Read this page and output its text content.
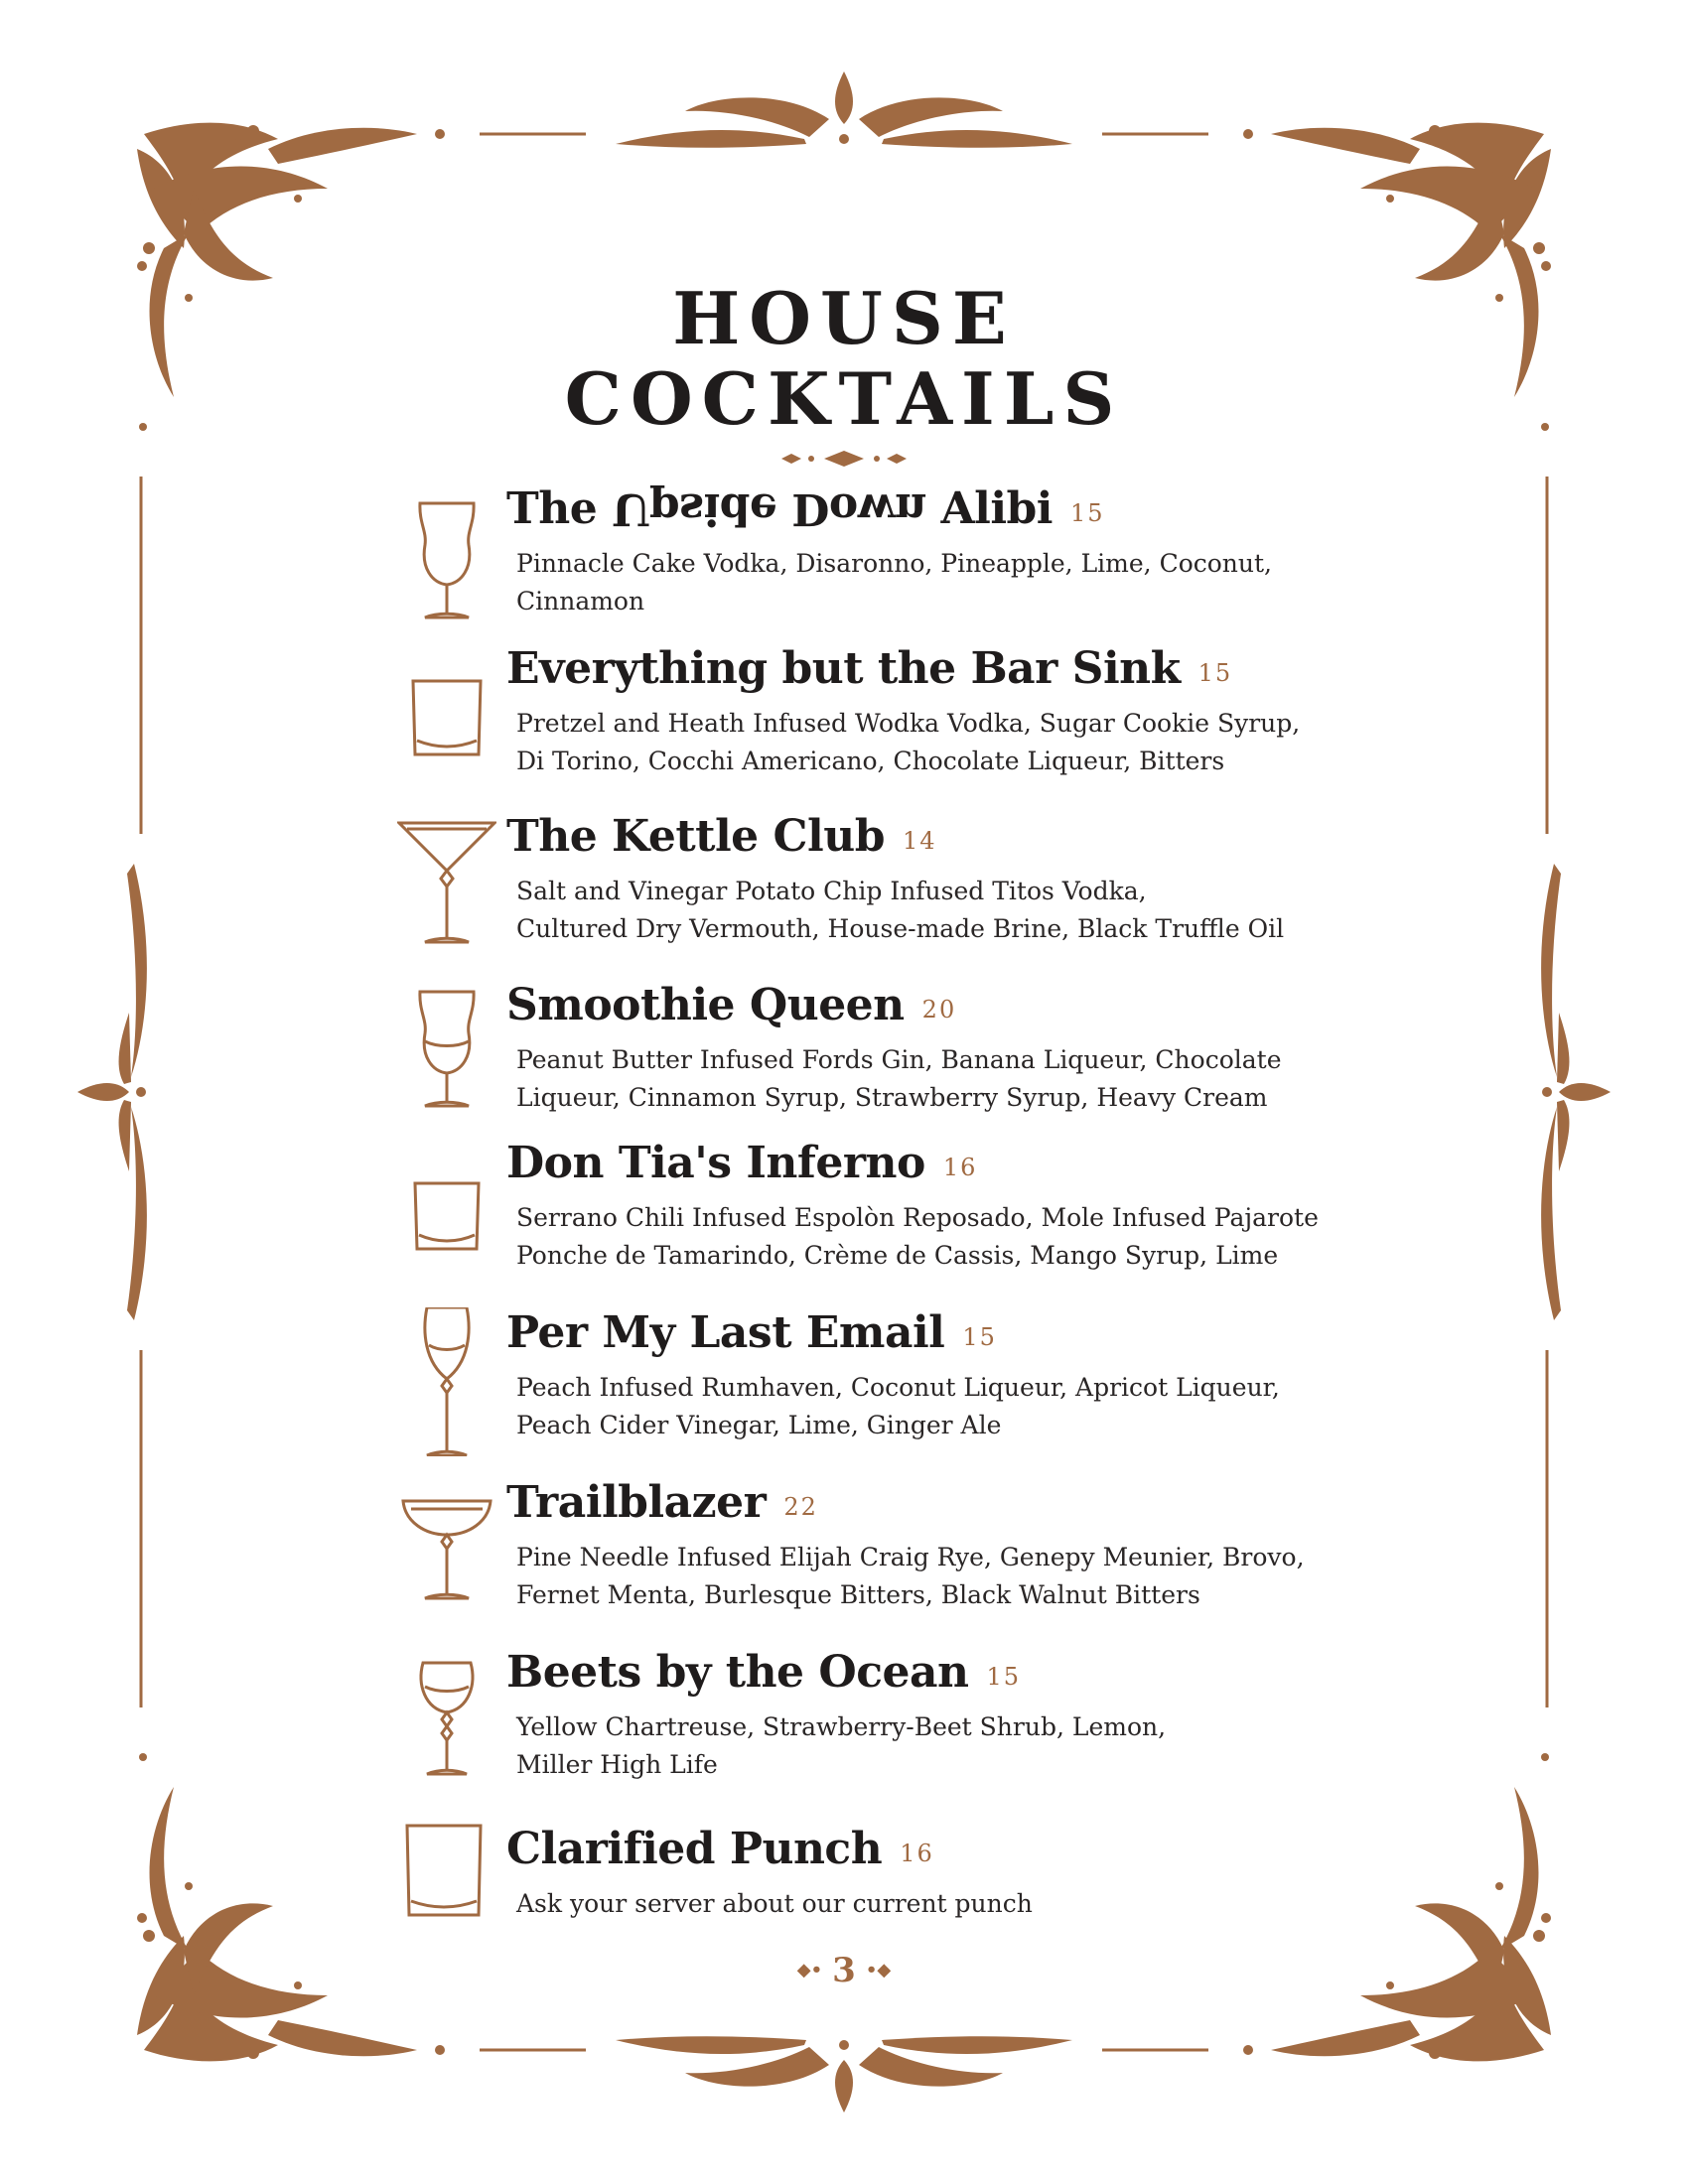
HOUSE
COCKTAILS
The Upside Down Alibi 15
Pinnacle Cake Vodka, Disaronno, Pineapple, Lime, Coconut,
Cinnamon
Everything but the Bar Sink 15
Pretzel and Heath Infused Wodka Vodka, Sugar Cookie Syrup,
Di Torino, Cocchi Americano, Chocolate Liqueur, Bitters
The Kettle Club 14
Salt and Vinegar Potato Chip Infused Titos Vodka,
Cultured Dry Vermouth, House-made Brine, Black Truffle Oil
Smoothie Queen 20
Peanut Butter Infused Fords Gin, Banana Liqueur, Chocolate
Liqueur, Cinnamon Syrup, Strawberry Syrup, Heavy Cream
Don Tia's Inferno 16
Serrano Chili Infused Espolòn Reposado, Mole Infused Pajarote
Ponche de Tamarindo, Crème de Cassis, Mango Syrup, Lime
Per My Last Email 15
Peach Infused Rumhaven, Coconut Liqueur, Apricot Liqueur,
Peach Cider Vinegar, Lime, Ginger Ale
Trailblazer 22
Pine Needle Infused Elijah Craig Rye, Genepy Meunier, Brovo,
Fernet Menta, Burlesque Bitters, Black Walnut Bitters
Beets by the Ocean 15
Yellow Chartreuse, Strawberry-Beet Shrub, Lemon,
Miller High Life
Clarified Punch 16
Ask your server about our current punch
◆• 3 •◆
